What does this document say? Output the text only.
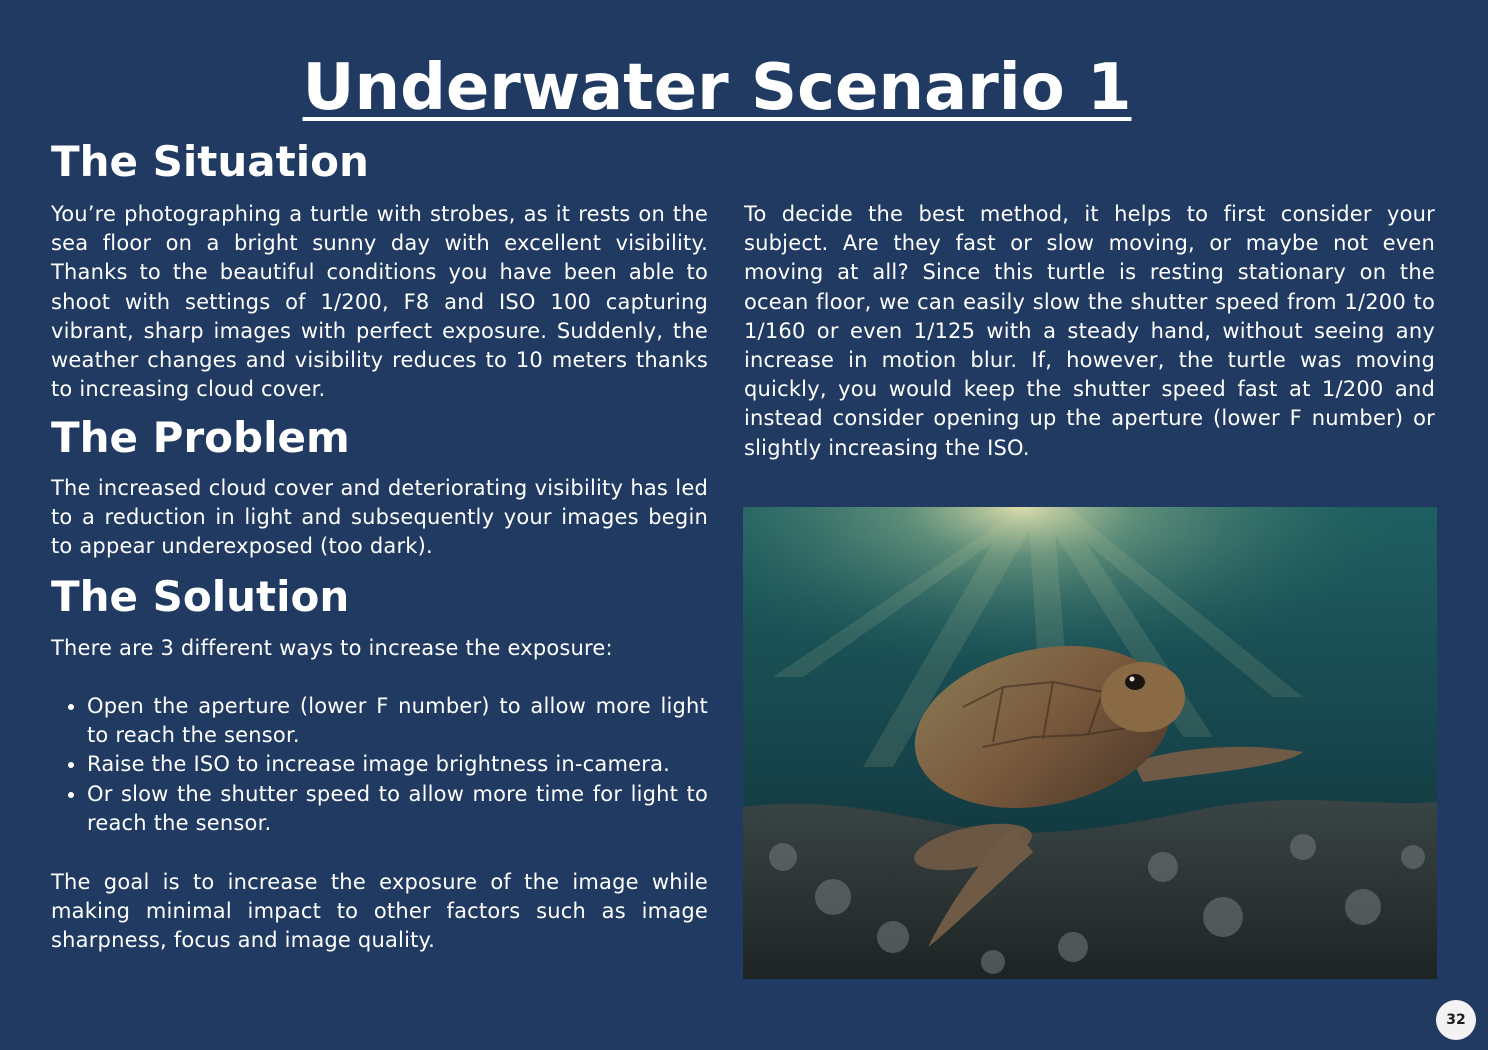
Underwater Scenario 1
The Situation

You’re photographing a turtle with strobes, as it rests on the sea floor on a bright sunny day with excellent visibility. Thanks to the beautiful conditions you have been able to shoot with settings of 1/200, F8 and ISO 100 capturing vibrant, sharp images with perfect exposure. Suddenly, the weather changes and visibility reduces to 10 meters thanks to increasing cloud cover.

The Problem

The increased cloud cover and deteriorating visibility has led to a reduction in light and subsequently your images begin to appear underexposed (too dark).

The Solution

There are 3 different ways to increase the exposure:

• Open the aperture (lower F number) to allow more light to reach the sensor.
• Raise the ISO to increase image brightness in-camera.
• Or slow the shutter speed to allow more time for light to reach the sensor.

The goal is to increase the exposure of the image while making minimal impact to other factors such as image sharpness, focus and image quality.

To decide the best method, it helps to first consider your subject. Are they fast or slow moving, or maybe not even moving at all? Since this turtle is resting stationary on the ocean floor, we can easily slow the shutter speed from 1/200 to 1/160 or even 1/125 with a steady hand, without seeing any increase in motion blur. If, however, the turtle was moving quickly, you would keep the shutter speed fast at 1/200 and instead consider opening up the aperture (lower F number) or slightly increasing the ISO.

32
